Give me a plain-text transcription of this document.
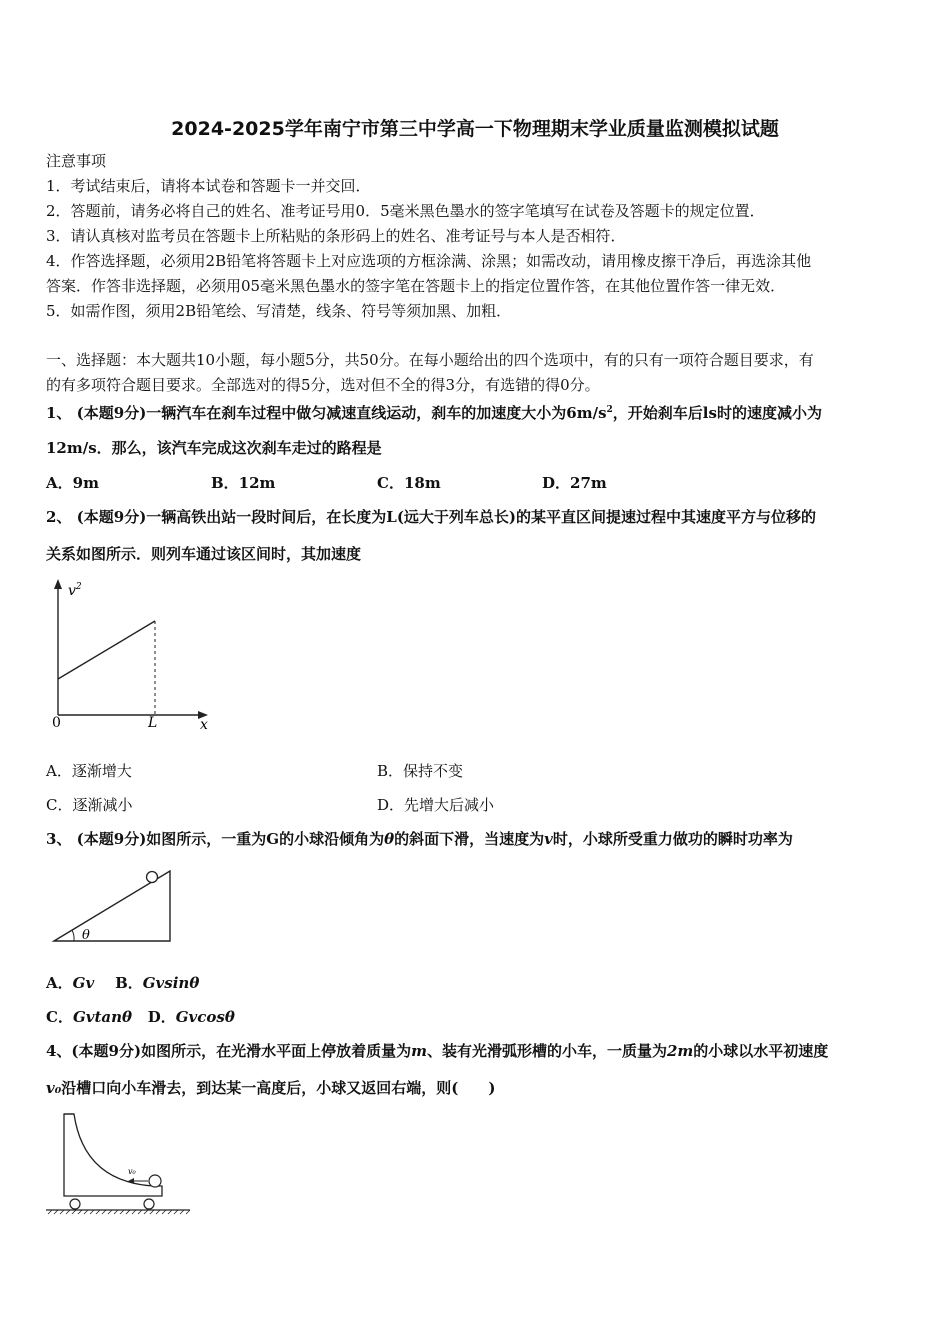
2024-2025学年南宁市第三中学高一下物理期末学业质量监测模拟试题
注意事项
1．考试结束后，请将本试卷和答题卡一并交回．
2．答题前，请务必将自己的姓名、准考证号用0．5毫米黑色墨水的签字笔填写在试卷及答题卡的规定位置．
3．请认真核对监考员在答题卡上所粘贴的条形码上的姓名、准考证号与本人是否相符．
4．作答选择题，必须用2B铅笔将答题卡上对应选项的方框涂满、涂黑；如需改动，请用橡皮擦干净后，再选涂其他
答案．作答非选择题，必须用05毫米黑色墨水的签字笔在答题卡上的指定位置作答，在其他位置作答一律无效．
5．如需作图，须用2B铅笔绘、写清楚，线条、符号等须加黑、加粗．
一、选择题：本大题共10小题，每小题5分，共50分。在每小题给出的四个选项中，有的只有一项符合题目要求，有
的有多项符合题目要求。全部选对的得5分，选对但不全的得3分，有选错的得0分。
1、 (本题9分)一辆汽车在刹车过程中做匀减速直线运动，刹车的加速度大小为$6m/s^2$，开始刹车后ls时的速度减小为
12m/s．那么，该汽车完成这次刹车走过的路程是
A．9m	B．12m	C．18m	D．27m
2、 (本题9分)一辆高铁出站一段时间后，在长度为L(远大于列车总长)的某平直区间提速过程中其速度平方与位移的
关系如图所示．则列车通过该区间时，其加速度
$v^2$
x
0	L
A．逐渐增大	B．保持不变
C．逐渐减小	D．先增大后减小
3、 (本题9分)如图所示，一重为G的小球沿倾角为θ的斜面下滑，当速度为v时，小球所受重力做功的瞬时功率为
θ
A．Gv B．Gvsinθ
C．Gvtanθ D．Gvcosθ
4、(本题9分)如图所示，在光滑水平面上停放着质量为m、装有光滑弧形槽的小车，一质量为2m的小球以水平初速度
v₀沿槽口向小车滑去，到达某一高度后，小球又返回右端，则(　　)
v₀
